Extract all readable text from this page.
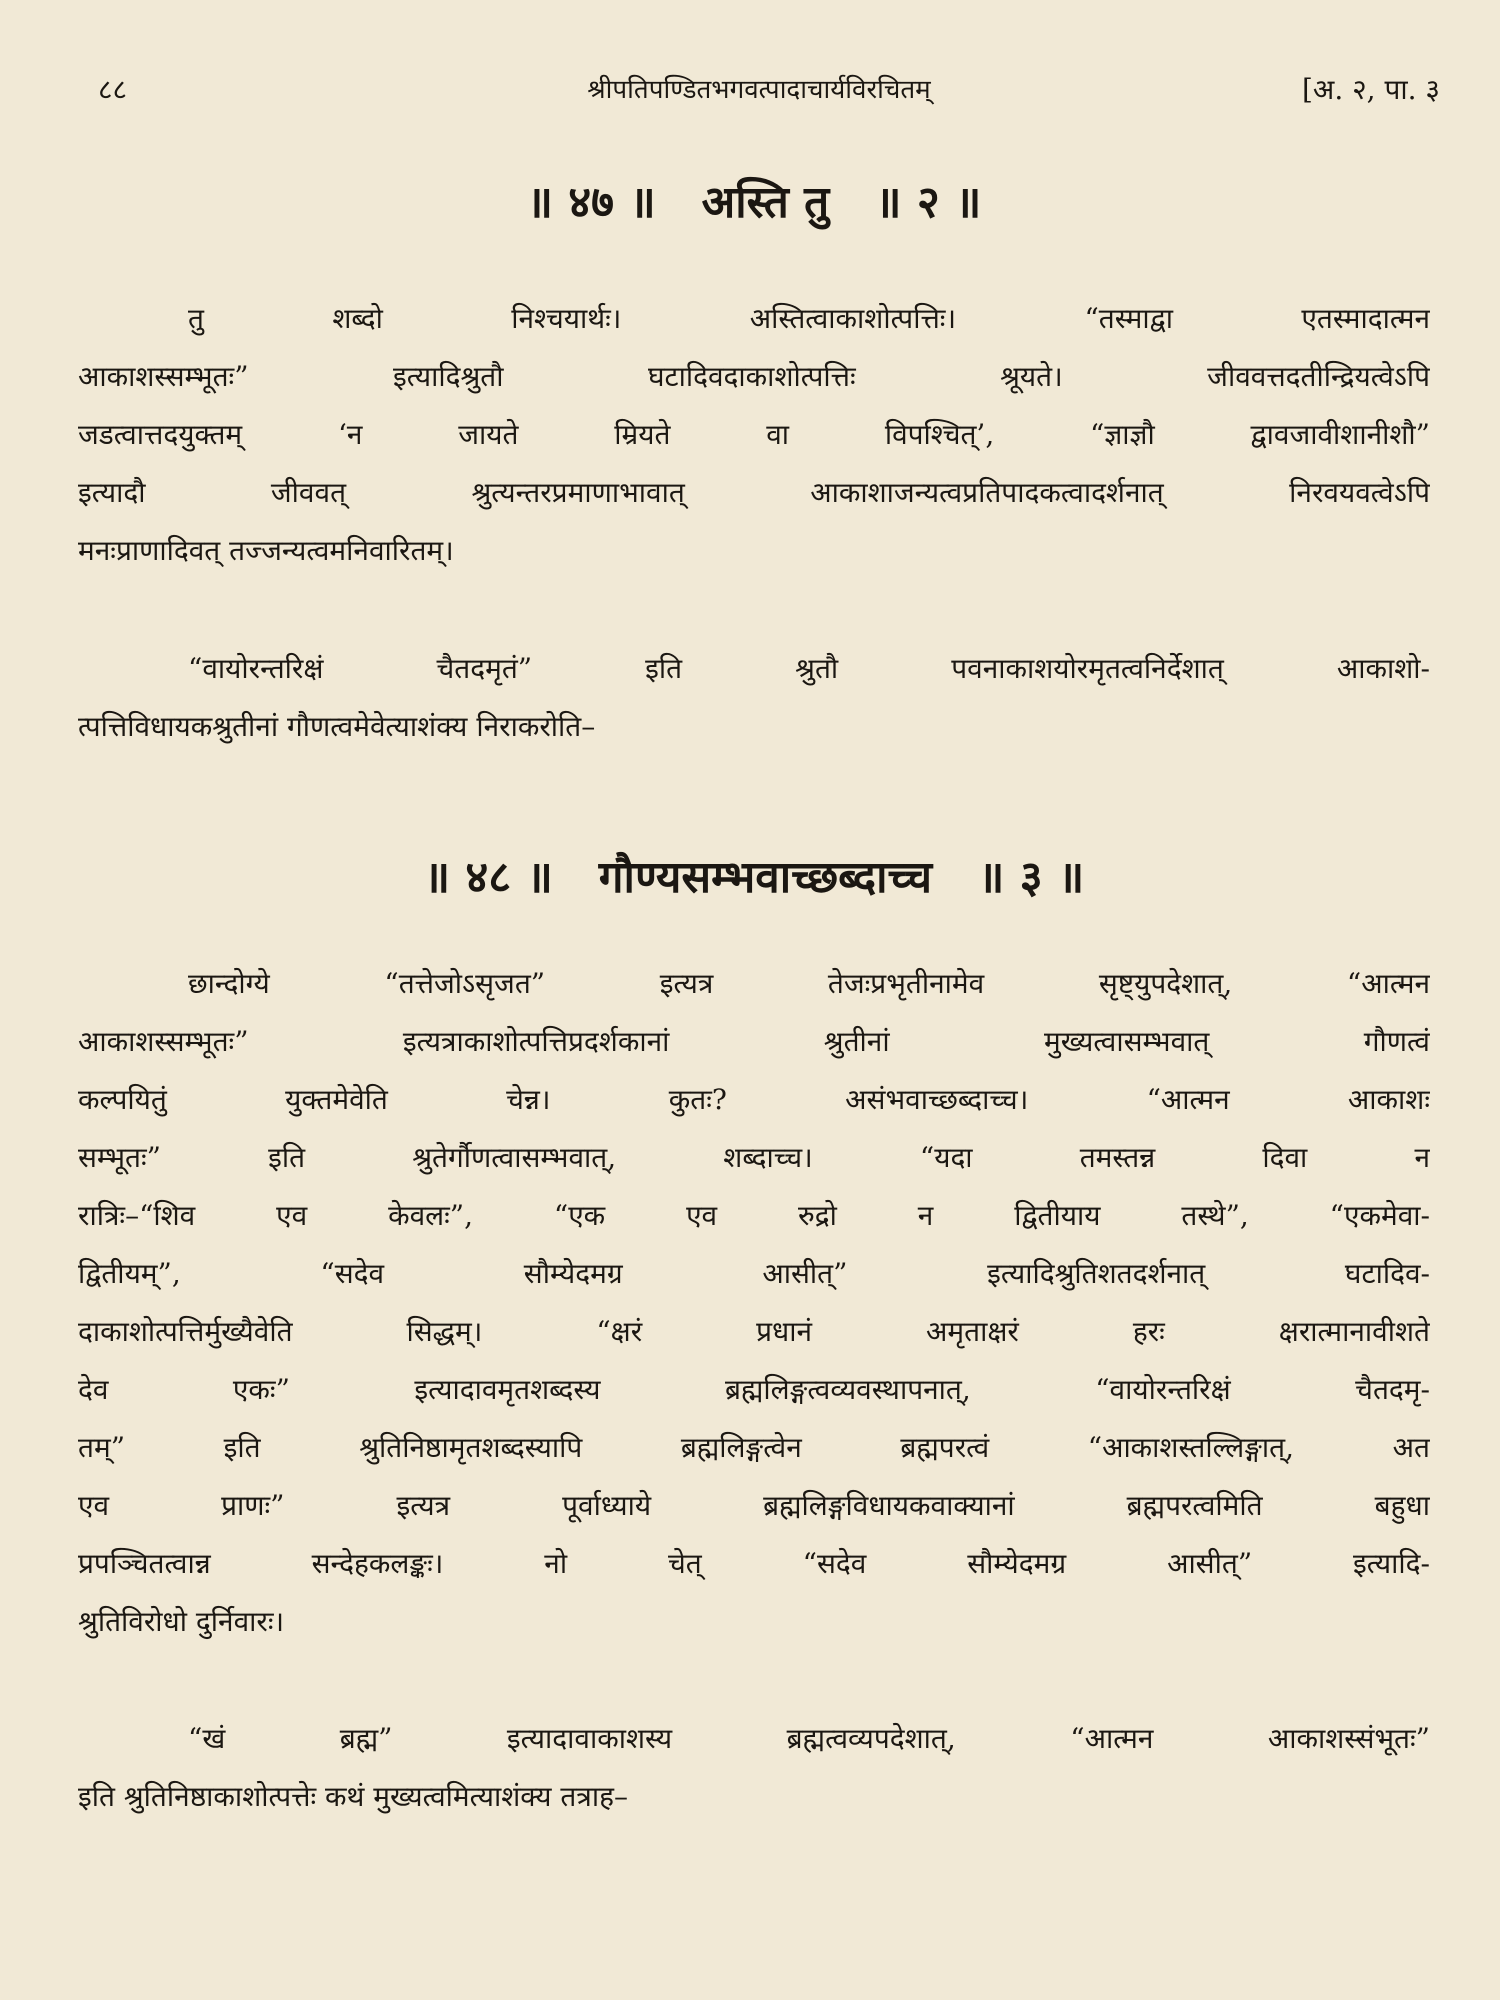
८८	श्रीपतिपण्डितभगवत्पादाचार्यविरचितम्	[अ. २, पा. ३
॥ ४७ ॥   अस्ति तु   ॥ २ ॥
तु शब्दो निश्चयार्थः। अस्तित्वाकाशोत्पत्तिः। “तस्माद्वा एतस्मादात्मन
आकाशस्सम्भूतः” इत्यादिश्रुतौ घटादिवदाकाशोत्पत्तिः श्रूयते। जीववत्तदतीन्द्रियत्वेऽपि
जडत्वात्तदयुक्तम् ‘न जायते म्रियते वा विपश्चित्’, “ज्ञाज्ञौ द्वावजावीशानीशौ”
इत्यादौ जीववत् श्रुत्यन्तरप्रमाणाभावात् आकाशाजन्यत्वप्रतिपादकत्वादर्शनात् निरवयवत्वेऽपि
मनःप्राणादिवत् तज्जन्यत्वमनिवारितम्।
“वायोरन्तरिक्षं चैतदमृतं” इति श्रुतौ पवनाकाशयोरमृतत्वनिर्देशात् आकाशो-
त्पत्तिविधायकश्रुतीनां गौणत्वमेवेत्याशंक्य निराकरोति–
॥ ४८ ॥   गौण्यसम्भवाच्छब्दाच्च   ॥ ३ ॥
छान्दोग्ये “तत्तेजोऽसृजत” इत्यत्र तेजःप्रभृतीनामेव सृष्ट्युपदेशात्, “आत्मन
आकाशस्सम्भूतः” इत्यत्राकाशोत्पत्तिप्रदर्शकानां श्रुतीनां मुख्यत्वासम्भवात् गौणत्वं
कल्पयितुं युक्तमेवेति चेन्न। कुतः? असंभवाच्छब्दाच्च। “आत्मन आकाशः
सम्भूतः” इति श्रुतेर्गौणत्वासम्भवात्, शब्दाच्च। “यदा तमस्तन्न दिवा न
रात्रिः–“शिव एव केवलः”, “एक एव रुद्रो न द्वितीयाय तस्थे”, “एकमेवा-
द्वितीयम्”, “सदेव सौम्येदमग्र आसीत्” इत्यादिश्रुतिशतदर्शनात् घटादिव-
दाकाशोत्पत्तिर्मुख्यैवेति सिद्धम्। “क्षरं प्रधानं अमृताक्षरं हरः क्षरात्मानावीशते
देव एकः” इत्यादावमृतशब्दस्य ब्रह्मलिङ्गत्वव्यवस्थापनात्, “वायोरन्तरिक्षं चैतदमृ-
तम्” इति श्रुतिनिष्ठामृतशब्दस्यापि ब्रह्मलिङ्गत्वेन ब्रह्मपरत्वं “आकाशस्तल्लिङ्गात्, अत
एव प्राणः” इत्यत्र पूर्वाध्याये ब्रह्मलिङ्गविधायकवाक्यानां ब्रह्मपरत्वमिति बहुधा
प्रपञ्चितत्वान्न सन्देहकलङ्कः। नो चेत् “सदेव सौम्येदमग्र आसीत्” इत्यादि-
श्रुतिविरोधो दुर्निवारः।
“खं ब्रह्म” इत्यादावाकाशस्य ब्रह्मत्वव्यपदेशात्, “आत्मन आकाशस्संभूतः”
इति श्रुतिनिष्ठाकाशोत्पत्तेः कथं मुख्यत्वमित्याशंक्य तत्राह–
